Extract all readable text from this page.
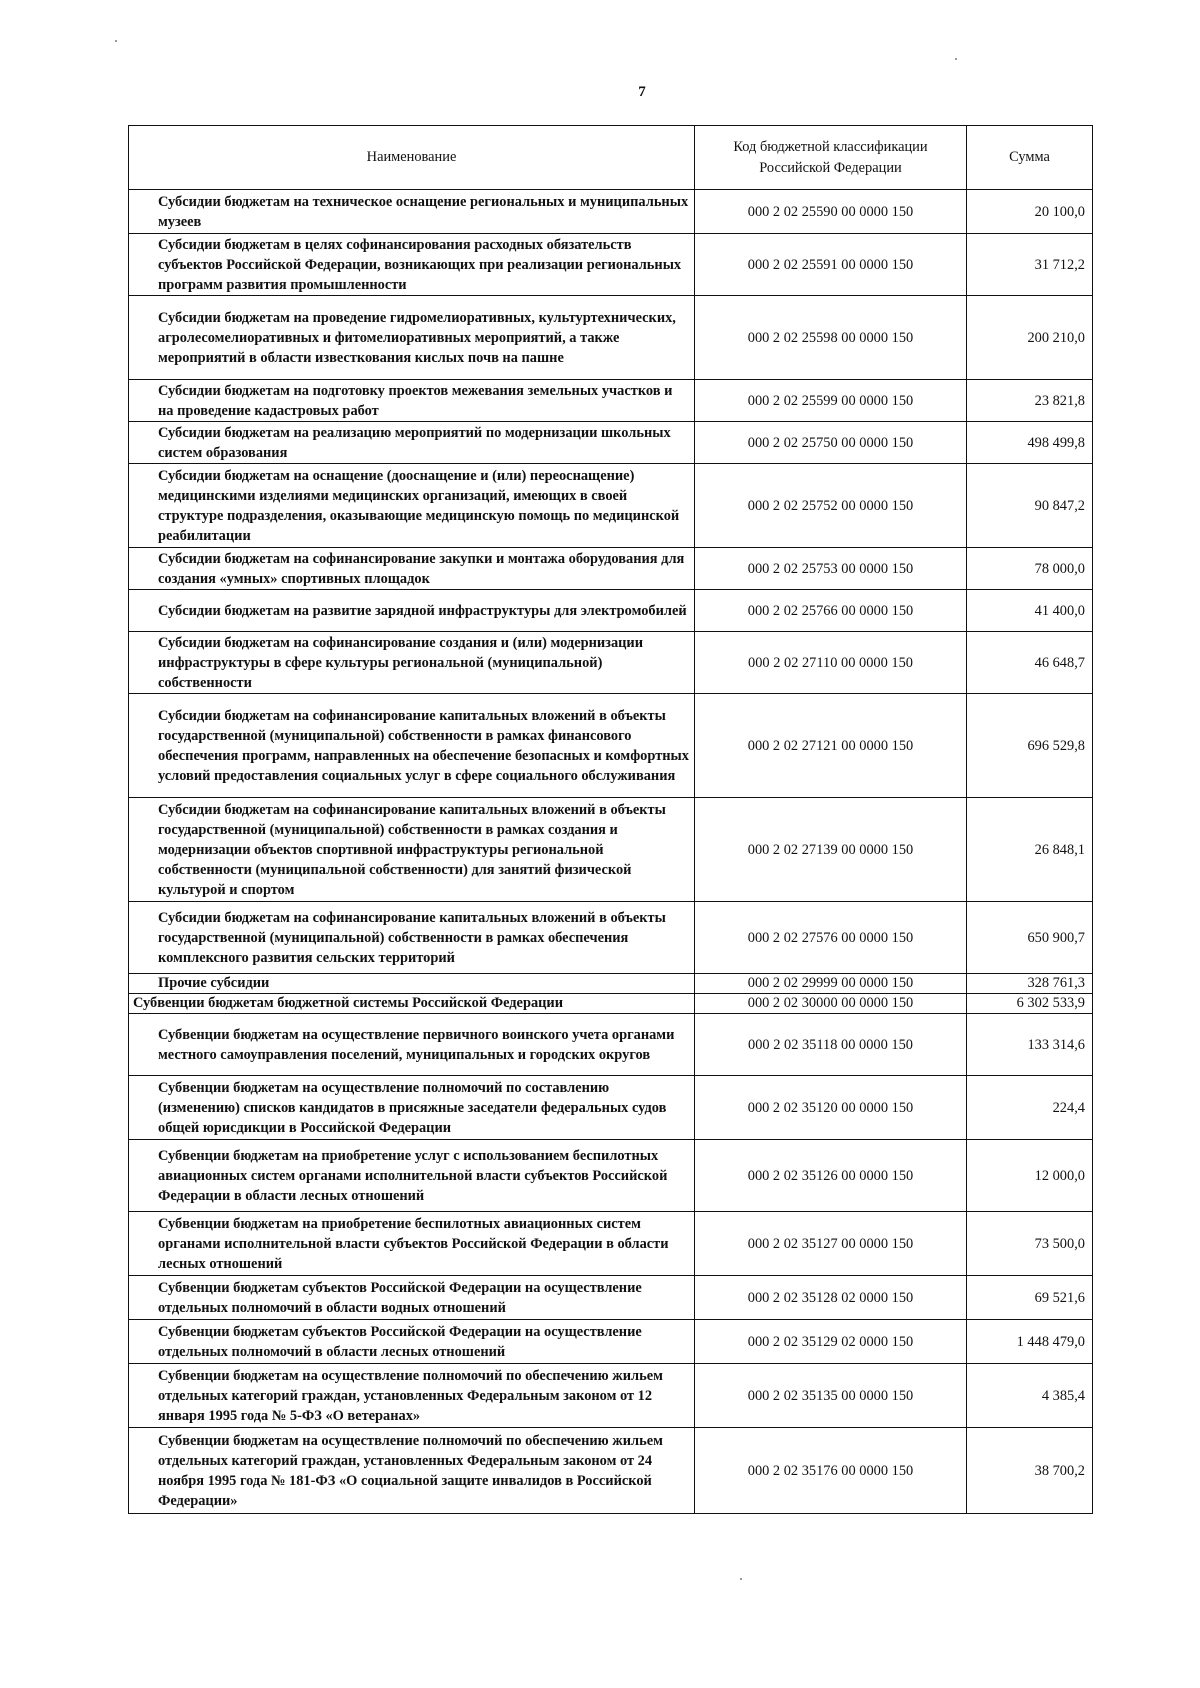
7
Наименование	Код бюджетной классификации Российской Федерации	Сумма
Субсидии бюджетам на техническое оснащение региональных и муниципальных музеев	000 2 02 25590 00 0000 150	20 100,0
Субсидии бюджетам в целях софинансирования расходных обязательств субъектов Российской Федерации, возникающих при реализации региональных программ развития промышленности	000 2 02 25591 00 0000 150	31 712,2
Субсидии бюджетам на проведение гидромелиоративных, культуртехнических, агролесомелиоративных и фитомелиоративных мероприятий, а также мероприятий в области известкования кислых почв на пашне	000 2 02 25598 00 0000 150	200 210,0
Субсидии бюджетам на подготовку проектов межевания земельных участков и на проведение кадастровых работ	000 2 02 25599 00 0000 150	23 821,8
Субсидии бюджетам на реализацию мероприятий по модернизации школьных систем образования	000 2 02 25750 00 0000 150	498 499,8
Субсидии бюджетам на оснащение (дооснащение и (или) переоснащение) медицинскими изделиями медицинских организаций, имеющих в своей структуре подразделения, оказывающие медицинскую помощь по медицинской реабилитации	000 2 02 25752 00 0000 150	90 847,2
Субсидии бюджетам на софинансирование закупки и монтажа оборудования для создания «умных» спортивных площадок	000 2 02 25753 00 0000 150	78 000,0
Субсидии бюджетам на развитие зарядной инфраструктуры для электромобилей	000 2 02 25766 00 0000 150	41 400,0
Субсидии бюджетам на софинансирование создания и (или) модернизации инфраструктуры в сфере культуры региональной (муниципальной) собственности	000 2 02 27110 00 0000 150	46 648,7
Субсидии бюджетам на софинансирование капитальных вложений в объекты государственной (муниципальной) собственности в рамках финансового обеспечения программ, направленных на обеспечение безопасных и комфортных условий предоставления социальных услуг в сфере социального обслуживания	000 2 02 27121 00 0000 150	696 529,8
Субсидии бюджетам на софинансирование капитальных вложений в объекты государственной (муниципальной) собственности в рамках создания и модернизации объектов спортивной инфраструктуры региональной собственности (муниципальной собственности) для занятий физической культурой и спортом	000 2 02 27139 00 0000 150	26 848,1
Субсидии бюджетам на софинансирование капитальных вложений в объекты государственной (муниципальной) собственности в рамках обеспечения комплексного развития сельских территорий	000 2 02 27576 00 0000 150	650 900,7
Прочие субсидии	000 2 02 29999 00 0000 150	328 761,3
Субвенции бюджетам бюджетной системы Российской Федерации	000 2 02 30000 00 0000 150	6 302 533,9
Субвенции бюджетам на осуществление первичного воинского учета органами местного самоуправления поселений, муниципальных и городских округов	000 2 02 35118 00 0000 150	133 314,6
Субвенции бюджетам на осуществление полномочий по составлению (изменению) списков кандидатов в присяжные заседатели федеральных судов общей юрисдикции в Российской Федерации	000 2 02 35120 00 0000 150	224,4
Субвенции бюджетам на приобретение услуг с использованием беспилотных авиационных систем органами исполнительной власти субъектов Российской Федерации в области лесных отношений	000 2 02 35126 00 0000 150	12 000,0
Субвенции бюджетам на приобретение беспилотных авиационных систем органами исполнительной власти субъектов Российской Федерации в области лесных отношений	000 2 02 35127 00 0000 150	73 500,0
Субвенции бюджетам субъектов Российской Федерации на осуществление отдельных полномочий в области водных отношений	000 2 02 35128 02 0000 150	69 521,6
Субвенции бюджетам субъектов Российской Федерации на осуществление отдельных полномочий в области лесных отношений	000 2 02 35129 02 0000 150	1 448 479,0
Субвенции бюджетам на осуществление полномочий по обеспечению жильем отдельных категорий граждан, установленных Федеральным законом от 12 января 1995 года № 5-ФЗ «О ветеранах»	000 2 02 35135 00 0000 150	4 385,4
Субвенции бюджетам на осуществление полномочий по обеспечению жильем отдельных категорий граждан, установленных Федеральным законом от 24 ноября 1995 года № 181-ФЗ «О социальной защите инвалидов в Российской Федерации»	000 2 02 35176 00 0000 150	38 700,2
